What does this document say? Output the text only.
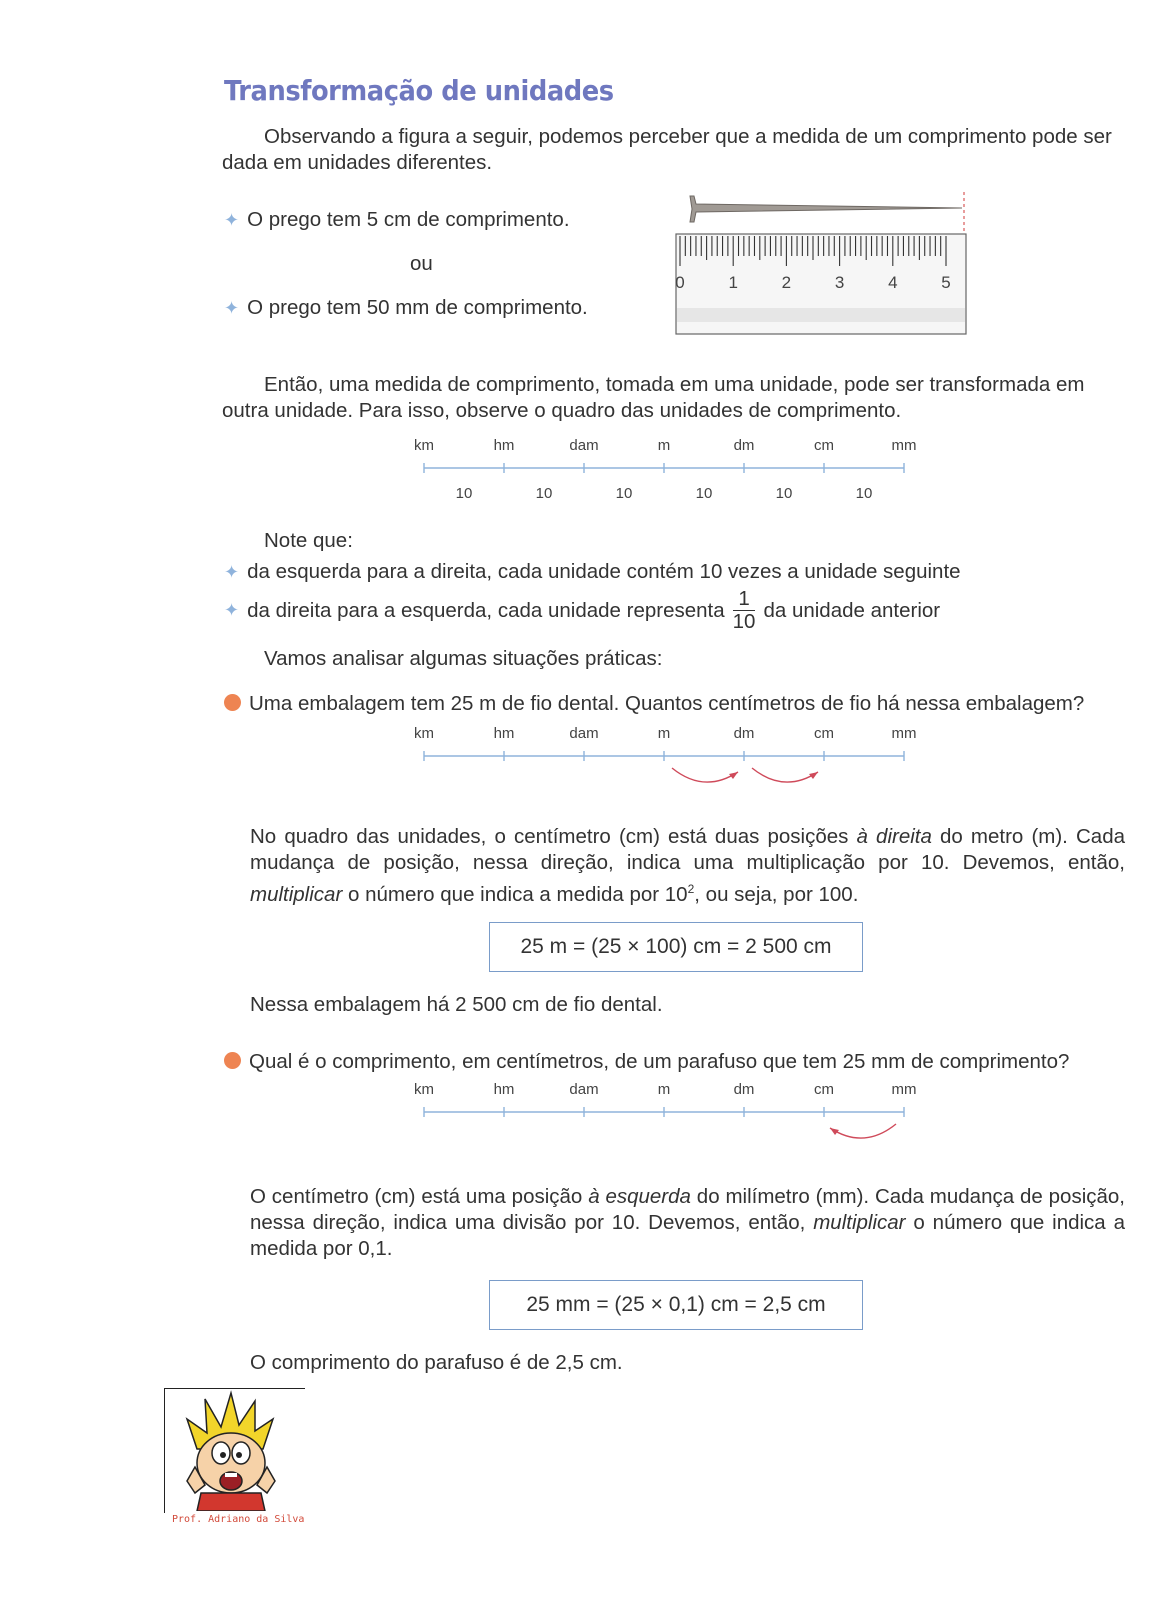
Transformação de unidades
Observando a figura a seguir, podemos perceber que a medida de um comprimento pode ser dada em unidades diferentes.
✦ O prego tem 5 cm de comprimento.
ou
✦ O prego tem 50 mm de comprimento.
0	1	2	3	4	5
Então, uma medida de comprimento, tomada em uma unidade, pode ser transformada em outra unidade. Para isso, observe o quadro das unidades de comprimento.
km	hm	dam	m	dm	cm	mm
10	10	10	10	10	10
Note que:
✦ da esquerda para a direita, cada unidade contém 10 vezes a unidade seguinte
✦ da direita para a esquerda, cada unidade representa $\frac{1}{10}$ da unidade anterior
Vamos analisar algumas situações práticas:
Uma embalagem tem 25 m de fio dental. Quantos centímetros de fio há nessa embalagem?
km	hm	dam	m	dm	cm	mm
No quadro das unidades, o centímetro (cm) está duas posições à direita do metro (m). Cada mudança de posição, nessa direção, indica uma multiplicação por 10. Devemos, então, multiplicar o número que indica a medida por $10^2$, ou seja, por 100.
25 m = (25 × 100) cm = 2 500 cm
Nessa embalagem há 2 500 cm de fio dental.
Qual é o comprimento, em centímetros, de um parafuso que tem 25 mm de comprimento?
km	hm	dam	m	dm	cm	mm
O centímetro (cm) está uma posição à esquerda do milímetro (mm). Cada mudança de posição, nessa direção, indica uma divisão por 10. Devemos, então, multiplicar o número que indica a medida por 0,1.
25 mm = (25 × 0,1) cm = 2,5 cm
O comprimento do parafuso é de 2,5 cm.
Prof. Adriano da Silva
